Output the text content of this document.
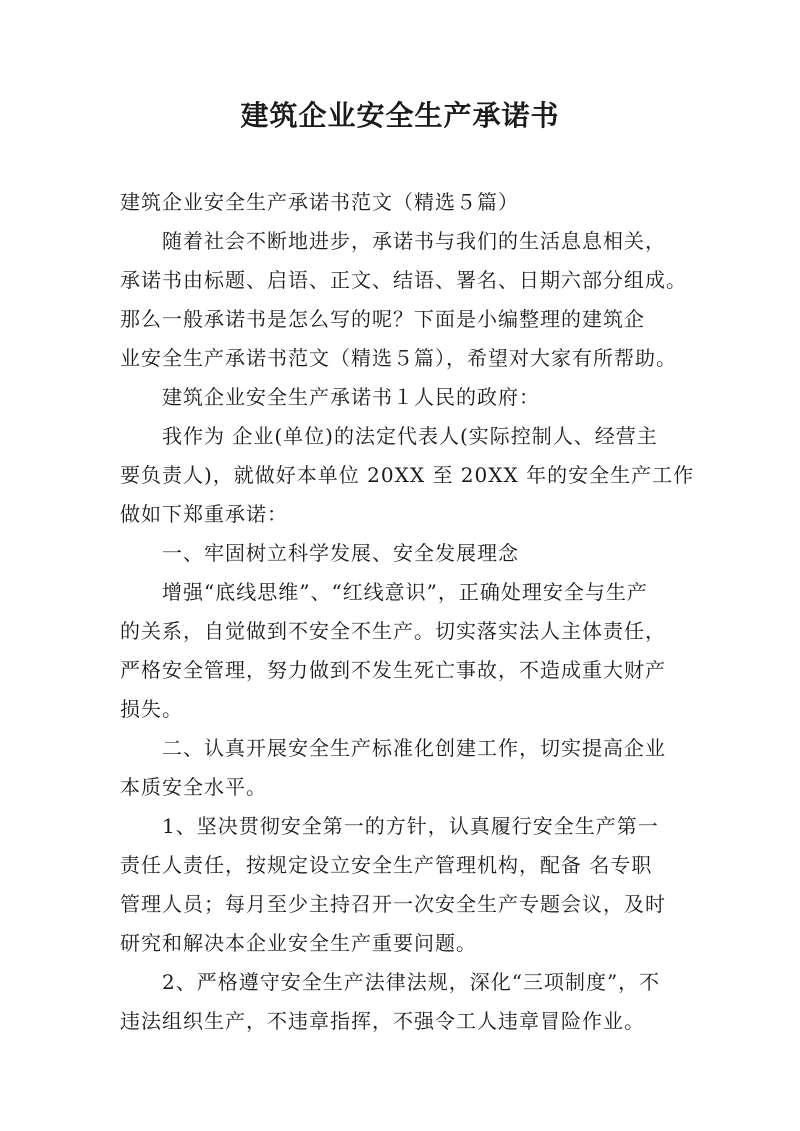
建筑企业安全生产承诺书
建筑企业安全生产承诺书范文（精选５篇）
随着社会不断地进步，承诺书与我们的生活息息相关，
承诺书由标题、启语、正文、结语、署名、日期六部分组成。
那么一般承诺书是怎么写的呢？下面是小编整理的建筑企
业安全生产承诺书范文（精选５篇），希望对大家有所帮助。
建筑企业安全生产承诺书１人民的政府：
我作为 企业(单位)的法定代表人(实际控制人、经营主
要负责人)，就做好本单位 20XX 至 20XX 年的安全生产工作
做如下郑重承诺：
一、牢固树立科学发展、安全发展理念
增强“底线思维”、“红线意识”，正确处理安全与生产
的关系，自觉做到不安全不生产。切实落实法人主体责任，
严格安全管理，努力做到不发生死亡事故，不造成重大财产
损失。
二、认真开展安全生产标准化创建工作，切实提高企业
本质安全水平。
1、坚决贯彻安全第一的方针，认真履行安全生产第一
责任人责任，按规定设立安全生产管理机构，配备 名专职
管理人员；每月至少主持召开一次安全生产专题会议，及时
研究和解决本企业安全生产重要问题。
2、严格遵守安全生产法律法规，深化“三项制度”，不
违法组织生产，不违章指挥，不强令工人违章冒险作业。
